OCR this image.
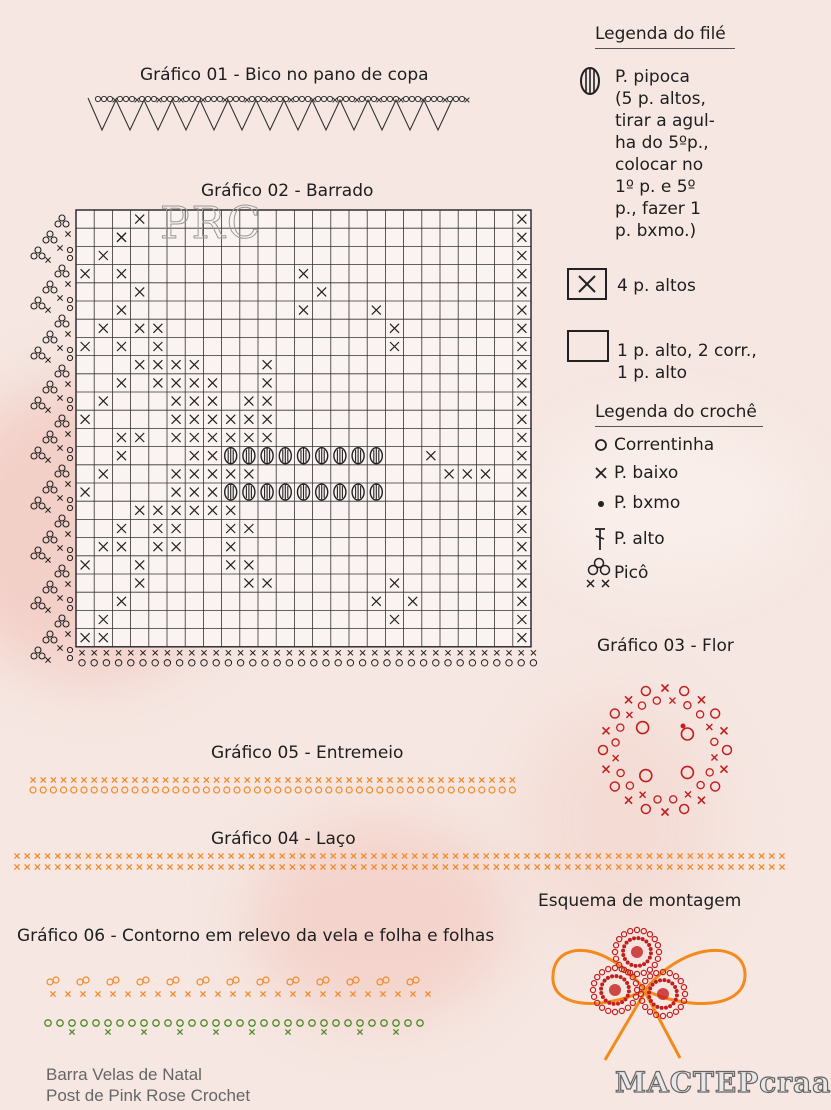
Gráfico 01 - Bico no pano de copa
Gráfico 02 - Barrado
PRC
Legenda do filé
P. pipoca
(5 p. altos,
tirar a agul-
ha do 5ºp.,
colocar no
1º p. e 5º
p., fazer 1
p. bxmo.)
4 p. altos
1 p. alto, 2 corr.,
1 p. alto
Legenda do crochê
Correntinha
P. baixo
P. bxmo
P. alto
Picô
Gráfico 03 - Flor
Gráfico 05 - Entremeio
Gráfico 04 - Laço
Esquema de montagem
Gráfico 06 - Contorno em relevo da vela e folha e folhas
Barra Velas de Natal
Post de Pink Rose Crochet	MACTEPcraa
